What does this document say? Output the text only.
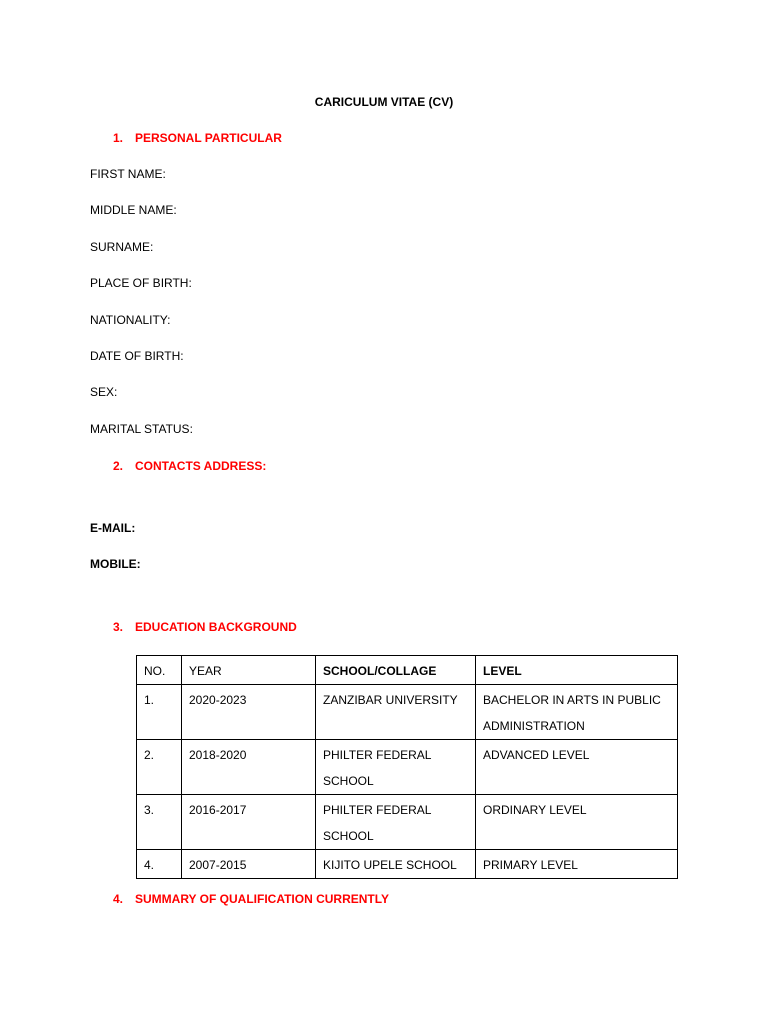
CARICULUM VITAE (CV)
1. PERSONAL PARTICULAR
FIRST NAME:
MIDDLE NAME:
SURNAME:
PLACE OF BIRTH:
NATIONALITY:
DATE OF BIRTH:
SEX:
MARITAL STATUS:
2. CONTACTS ADDRESS:
E-MAIL:
MOBILE:
3. EDUCATION BACKGROUND
NO.	YEAR	SCHOOL/COLLAGE	LEVEL
1.	2020-2023	ZANZIBAR UNIVERSITY	BACHELOR IN ARTS IN PUBLIC ADMINISTRATION
2.	2018-2020	PHILTER FEDERAL SCHOOL	ADVANCED LEVEL
3.	2016-2017	PHILTER FEDERAL SCHOOL	ORDINARY LEVEL
4.	2007-2015	KIJITO UPELE SCHOOL	PRIMARY LEVEL
4. SUMMARY OF QUALIFICATION CURRENTLY
